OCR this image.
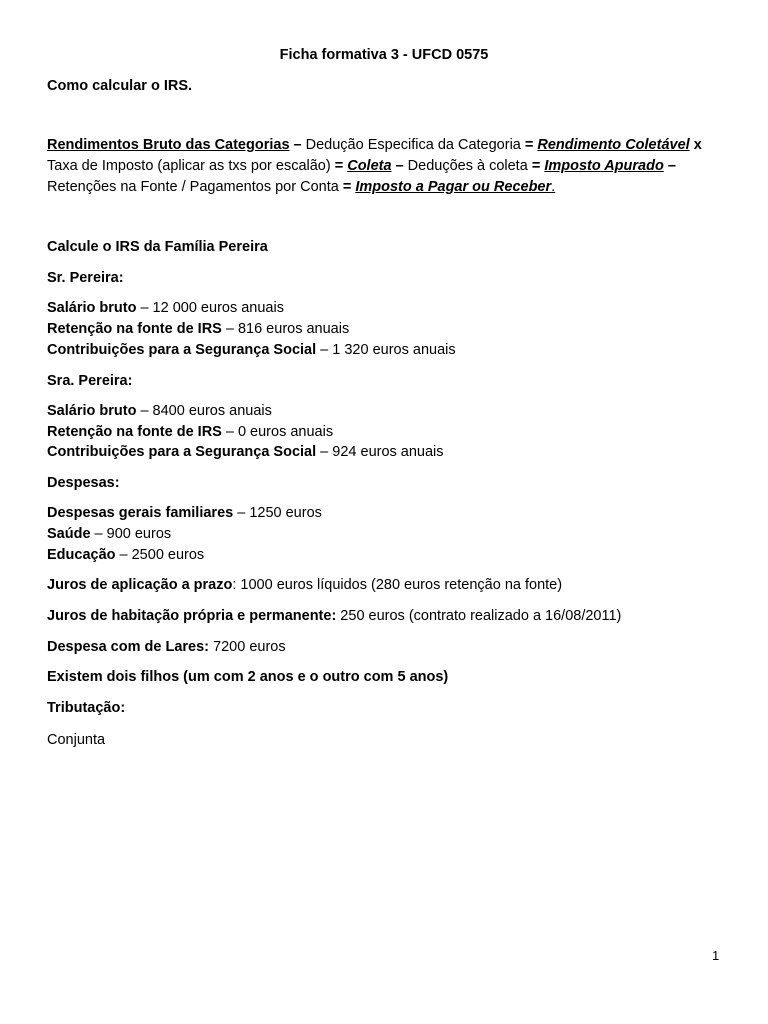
Ficha formativa 3 - UFCD 0575
Como calcular o IRS.
Rendimentos Bruto das Categorias – Dedução Especifica da Categoria = Rendimento Coletável x
Taxa de Imposto (aplicar as txs por escalão) = Coleta – Deduções à coleta = Imposto Apurado –
Retenções na Fonte / Pagamentos por Conta = Imposto a Pagar ou Receber.
Calcule o IRS da Família Pereira
Sr. Pereira:
Salário bruto – 12 000 euros anuais
Retenção na fonte de IRS – 816 euros anuais
Contribuições para a Segurança Social – 1 320 euros anuais
Sra. Pereira:
Salário bruto – 8400 euros anuais
Retenção na fonte de IRS – 0 euros anuais
Contribuições para a Segurança Social – 924 euros anuais
Despesas:
Despesas gerais familiares – 1250 euros
Saúde – 900 euros
Educação – 2500 euros
Juros de aplicação a prazo: 1000 euros líquidos (280 euros retenção na fonte)
Juros de habitação própria e permanente: 250 euros (contrato realizado a 16/08/2011)
Despesa com de Lares: 7200 euros
Existem dois filhos (um com 2 anos e o outro com 5 anos)
Tributação:
Conjunta
1
